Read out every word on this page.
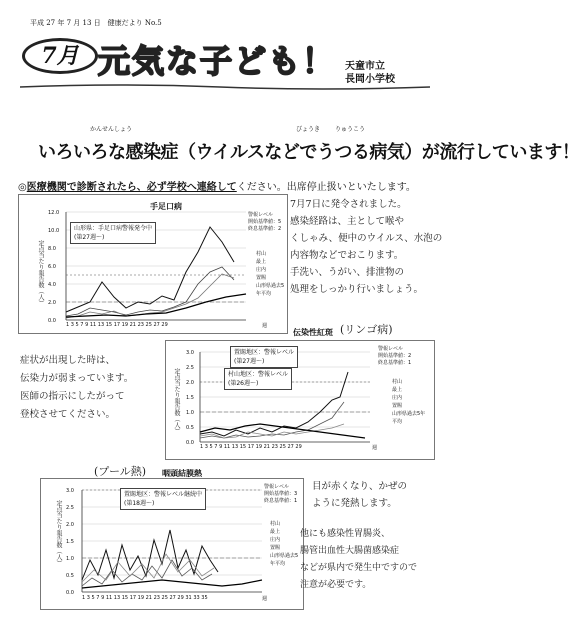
平成 27 年 7 月 13 日　健康だより No.5
7月 元気な子ども！ 天童市立
長岡小学校
かんせんしょう	びょうき りゅうこう
いろいろな感染症（ウイルスなどでうつる病気）が流行しています！
◎医療機関で診断されたら、必ず学校へ連絡してください。出席停止扱いといたします。
手足口病
定点当たり報告数（人）
12.0
10.0
8.0
6.0
4.0
2.0
0.0
山形県：手足口病警報発令中
(第27週～)
警報レベル
開始基準値：5
終息基準値：2
村山
最上
庄内
置賜
山形県過去5年平均
1 3 5 7 9 11 13 15 17 19 21 23 25 27 29	週
7月7日に発令されました。
感染経路は、主として喉や
くしゃみ、便中のウイルス、水泡の
内容物などでおこります。
手洗い、うがい、排泄物の
処理をしっかり行いましょう。
伝染性紅斑 (リンゴ病)
定点当たり報告数（人）
3.0
2.5
2.0
1.5
1.0
0.5
0.0
置賜地区：警報レベル
(第27週～)
村山地区：警報レベル
(第26週～)
警報レベル
開始基準値：2
終息基準値：1
村山
最上
庄内
置賜
山形県過去5年平均
1 3 5 7 9 11 13 15 17 19 21 23 25 27 29	週
症状が出現した時は、
伝染力が弱まっています。
医師の指示にしたがって
登校させてください。
(プール熱) 咽頭結膜熱
定点当たり報告数（人）
3.0
2.5
2.0
1.5
1.0
0.5
0.0
置賜地区：警報レベル継続中
(第18週～)
警報レベル
開始基準値：3
終息基準値：1
村山
最上
庄内
置賜
山形県過去5年平均
1 3 5 7 9 11 13 15 17 19 21 23 25 27 29 31 33 35	週
目が赤くなり、かぜの
ように発熱します。
他にも感染性胃腸炎、
腸管出血性大腸菌感染症
などが県内で発生中ですので
注意が必要です。
